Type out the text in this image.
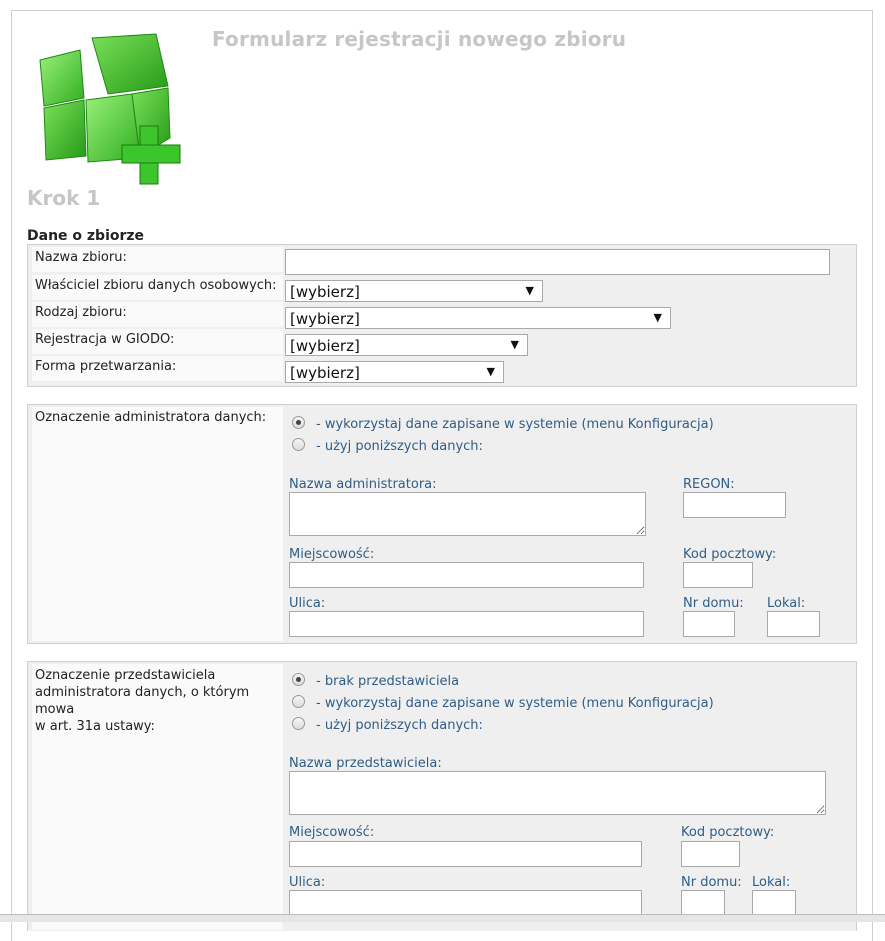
Formularz rejestracji nowego zbioru
Krok 1
Dane o zbiorze
Nazwa zbioru:
Właściciel zbioru danych osobowych: [wybierz]	▼
Rodzaj zbioru:	[wybierz]	▼
Rejestracja w GIODO:	[wybierz]	▼
Forma przetwarzania:	[wybierz]	▼
Oznaczenie administratora danych:	- wykorzystaj dane zapisane w systemie (menu Konfiguracja)
- użyj poniższych danych:
Nazwa administratora:	REGON:
Miejscowość:	Kod pocztowy:
Ulica:	Nr domu: Lokal:
Oznaczenie przedstawiciela
administratora danych, o którym mowa
w art. 31a ustawy:
- brak przedstawiciela
- wykorzystaj dane zapisane w systemie (menu Konfiguracja)
- użyj poniższych danych:
Nazwa przedstawiciela:
Miejscowość:	Kod pocztowy:
Ulica:	Nr domu: Lokal:
